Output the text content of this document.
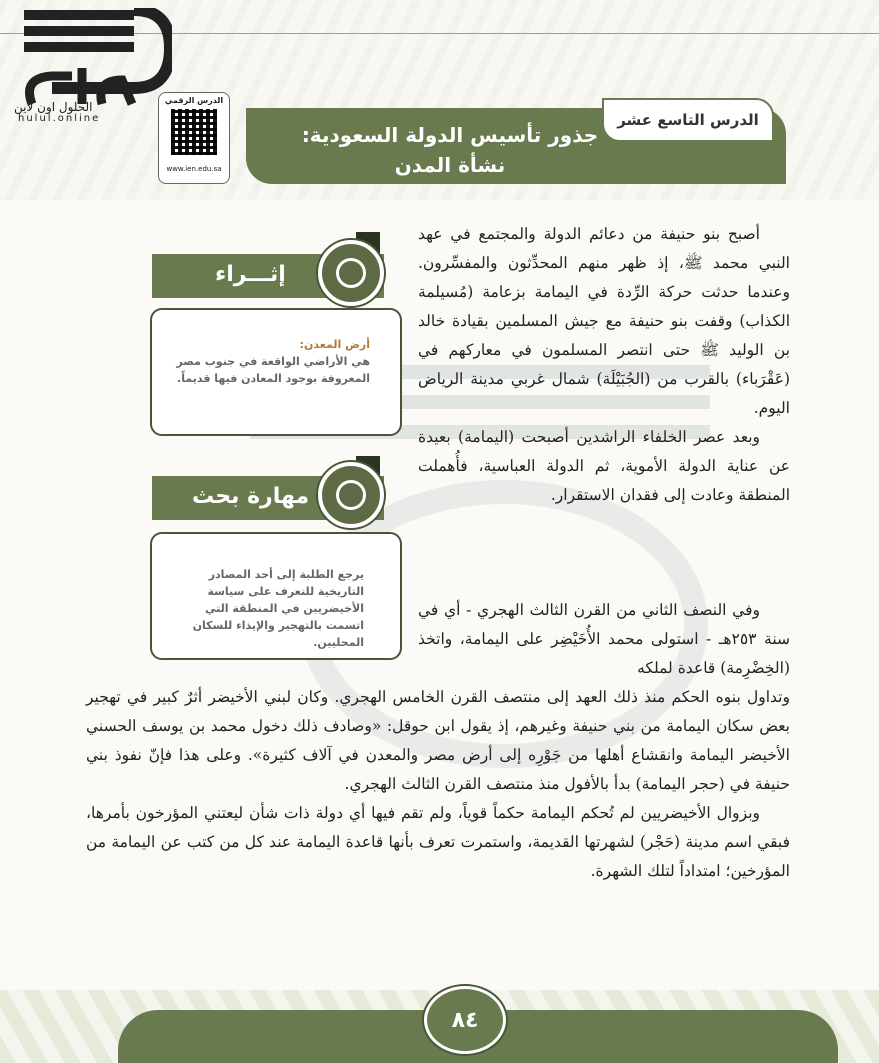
الحلول اون لاين
hulul.online
الدرس الرقمي
www.ien.edu.sa
الدرس التاسع عشر
جذور تأسيس الدولة السعودية:
نشأة المدن

أصبح بنو حنيفة من دعائم الدولة والمجتمع في عهد النبي محمد ﷺ، إذ ظهر منهم المحدِّثون والمفسِّرون. وعندما حدثت حركة الرِّدة في اليمامة بزعامة (مُسيلمة الكذاب) وقفت بنو حنيفة مع جيش المسلمين بقيادة خالد بن الوليد ﷺ حتى انتصر المسلمون في معاركهم في (عَقْرَباء) بالقرب من (الجُبَيْلَة) شمال غربي مدينة الرياض اليوم.

وبعد عصر الخلفاء الراشدين أصبحت (اليمامة) بعيدة عن عناية الدولة الأموية، ثم الدولة العباسية، فأُهملت المنطقة وعادت إلى فقدان الاستقرار.

إثـــراء
أرض المعدن:
هي الأراضي الواقعة في جنوب مصر المعروفة بوجود المعادن فيها قديماً.
مهارة بحث
يرجع الطلبة إلى أحد المصادر التاريخية للتعرف على سياسة الأخيضريين في المنطقة التي اتسمت بالتهجير والإيذاء للسكان المحليين.

وفي النصف الثاني من القرن الثالث الهجري - أي في سنة ٢٥٣هـ - استولى محمد الأُخَيْضِر على اليمامة، واتخذ (الخِضْرِمة) قاعدة لملكه

وتداول بنوه الحكم منذ ذلك العهد إلى منتصف القرن الخامس الهجري. وكان لبني الأخيضر أثرٌ كبير في تهجير بعض سكان اليمامة من بني حنيفة وغيرهم، إذ يقول ابن حوقل: «وصادف ذلك دخول محمد بن يوسف الحسني الأخيضر اليمامة وانقشاع أهلها من جَوْرِه إلى أرض مصر والمعدن في آلاف كثيرة». وعلى هذا فإنّ نفوذ بني حنيفة في (حجر اليمامة) بدأ بالأفول منذ منتصف القرن الثالث الهجري.

وبزوال الأخيضريين لم تُحكم اليمامة حكماً قوياً، ولم تقم فيها أي دولة ذات شأن ليعتني المؤرخون بأمرها، فبقي اسم مدينة (حَجْر) لشهرتها القديمة، واستمرت تعرف بأنها قاعدة اليمامة عند كل من كتب عن اليمامة من المؤرخين؛ امتداداً لتلك الشهرة.

٨٤
